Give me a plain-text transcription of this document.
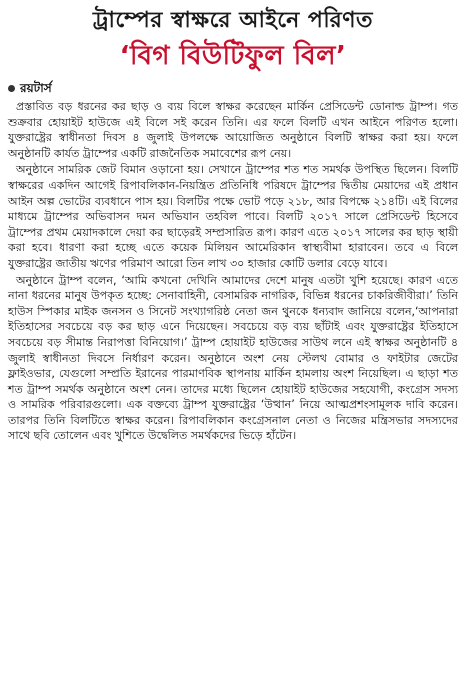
ট্রাম্পের স্বাক্ষরে আইনে পরিণত
‘বিগ বিউটিফুল বিল’
রয়টার্স

প্রস্তাবিত বড় ধরনের কর ছাড় ও ব্যয় বিলে স্বাক্ষর করেছেন মার্কিন প্রেসিডেন্ট ডোনাল্ড ট্রাম্প। গত শুক্রবার হোয়াইট হাউজে এই বিলে সই করেন তিনি। এর ফলে বিলটি এখন আইনে পরিণত হলো। যুক্তরাষ্ট্রের স্বাধীনতা দিবস ৪ জুলাই উপলক্ষে আয়োজিত অনুষ্ঠানে বিলটি স্বাক্ষর করা হয়। ফলে অনুষ্ঠানটি কার্যত ট্রাম্পের একটি রাজনৈতিক সমাবেশের রূপ নেয়।

অনুষ্ঠানে সামরিক জেট বিমান ওড়ানো হয়। সেখানে ট্রাম্পের শত শত সমর্থক উপস্থিত ছিলেন। বিলটি স্বাক্ষরের একদিন আগেই রিপাবলিকান-নিয়ন্ত্রিত প্রতিনিধি পরিষদে ট্রাম্পের দ্বিতীয় মেয়াদের এই প্রধান আইন অল্প ভোটের ব্যবধানে পাস হয়। বিলটির পক্ষে ভোট পড়ে ২১৮, আর বিপক্ষে ২১৪টি। এই বিলের মাধ্যমে ট্রাম্পের অভিবাসন দমন অভিযান তহবিল পাবে। বিলটি ২০১৭ সালে প্রেসিডেন্ট হিসেবে ট্রাম্পের প্রথম মেয়াদকালে দেয়া কর ছাড়েরই সম্প্রসারিত রূপ। কারণ এতে ২০১৭ সালের কর ছাড় স্থায়ী করা হবে। ধারণা করা হচ্ছে এতে কয়েক মিলিয়ন আমেরিকান স্বাস্থ্যবীমা হারাবেন। তবে এ বিলে যুক্তরাষ্ট্রের জাতীয় ঋণের পরিমাণ আরো তিন লাখ ৩০ হাজার কোটি ডলার বেড়ে যাবে।

অনুষ্ঠানে ট্রাম্প বলেন, ‘আমি কখনো দেখিনি আমাদের দেশে মানুষ এতটা খুশি হয়েছে। কারণ এতে নানা ধরনের মানুষ উপকৃত হচ্ছে: সেনাবাহিনী, বেসামরিক নাগরিক, বিভিন্ন ধরনের চাকরিজীবীরা।’ তিনি হাউস স্পিকার মাইক জনসন ও সিনেট সংখ্যাগরিষ্ঠ নেতা জন থুনকে ধন্যবাদ জানিয়ে বলেন,‘আপনারা ইতিহাসের সবচেয়ে বড় কর ছাড় এনে দিয়েছেন। সবচেয়ে বড় ব্যয় ছাঁটাই এবং যুক্তরাষ্ট্রের ইতিহাসে সবচেয়ে বড় সীমান্ত নিরাপত্তা বিনিয়োগ।’ ট্রাম্প হোয়াইট হাউজের সাউথ লনে এই স্বাক্ষর অনুষ্ঠানটি ৪ জুলাই স্বাধীনতা দিবসে নির্ধারণ করেন। অনুষ্ঠানে অংশ নেয় স্টেলথ বোমার ও ফাইটার জেটের ফ্লাইওভার, যেগুলো সম্প্রতি ইরানের পারমাণবিক স্থাপনায় মার্কিন হামলায় অংশ নিয়েছিল। এ ছাড়া শত শত ট্রাম্প সমর্থক অনুষ্ঠানে অংশ নেন। তাদের মধ্যে ছিলেন হোয়াইট হাউজের সহযোগী, কংগ্রেস সদস্য ও সামরিক পরিবারগুলো। এক বক্তব্যে ট্রাম্প যুক্তরাষ্ট্রের ‘উত্থান’ নিয়ে আত্মপ্রশংসামূলক দাবি করেন। তারপর তিনি বিলটিতে স্বাক্ষর করেন। রিপাবলিকান কংগ্রেসনাল নেতা ও নিজের মন্ত্রিসভার সদস্যদের সাথে ছবি তোলেন এবং খুশিতে উদ্বেলিত সমর্থকদের ভিড়ে হাঁটেন।
